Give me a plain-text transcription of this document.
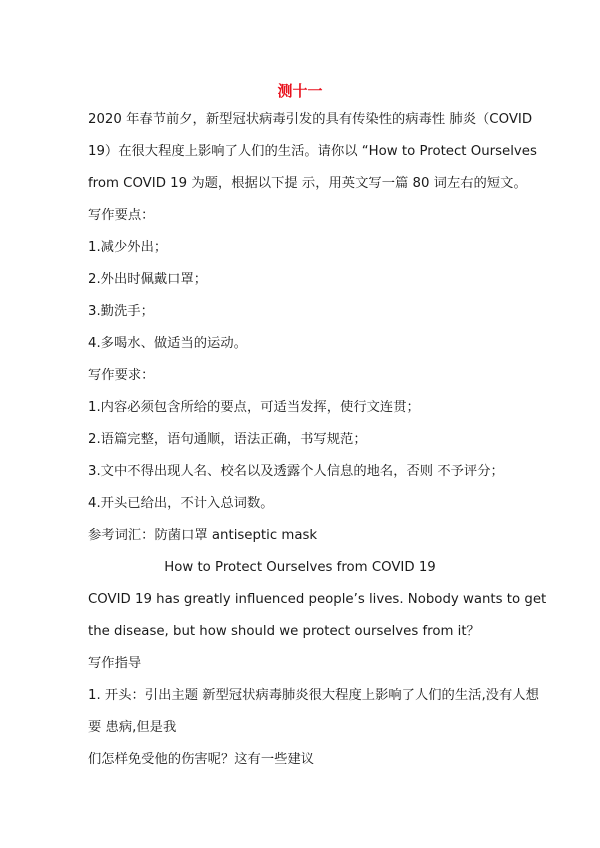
测十一
2020 年春节前夕，新型冠状病毒引发的具有传染性的病毒性 肺炎（COVID
19）在很大程度上影响了人们的生活。请你以 “How to Protect Ourselves
from COVID 19 为题，根据以下提 示，用英文写一篇 80 词左右的短文。
写作要点：
1.减少外出；
2.外出时佩戴口罩；
3.勤洗手；
4.多喝水、做适当的运动。
写作要求：
1.内容必须包含所给的要点，可适当发挥，使行文连贯；
2.语篇完整，语句通顺，语法正确，书写规范；
3.文中不得出现人名、校名以及透露个人信息的地名，否则 不予评分；
4.开头已给出，不计入总词数。
参考词汇：防菌口罩 antiseptic mask
How to Protect Ourselves from COVID 19
COVID 19 has greatly influenced people’s lives. Nobody wants to get
the disease, but how should we protect ourselves from it？
写作指导
1. 开头：引出主题 新型冠状病毒肺炎很大程度上影响了人们的生活,没有人想
要 患病,但是我
们怎样免受他的伤害呢？这有一些建议
